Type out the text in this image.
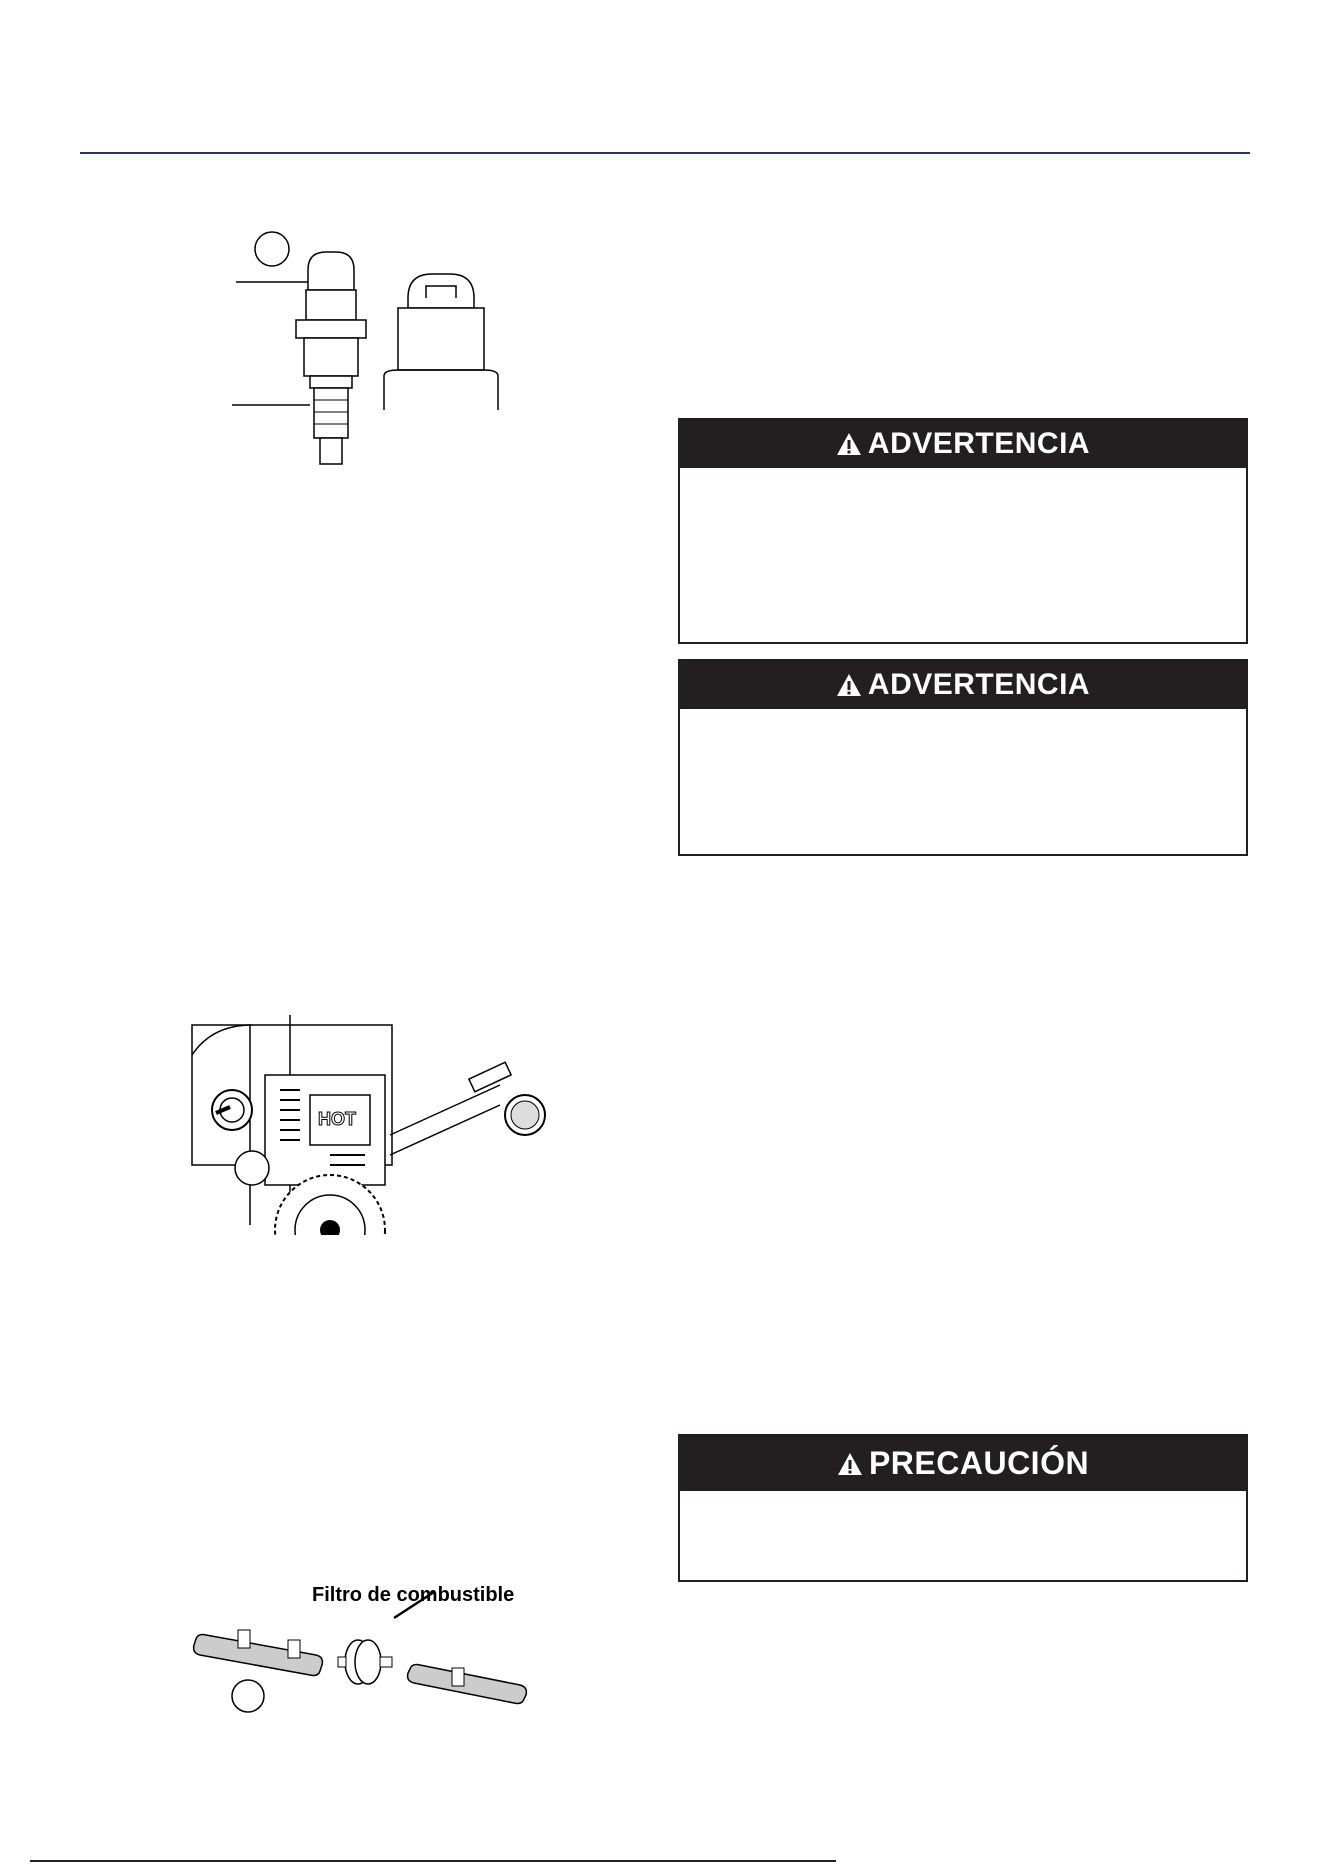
ADVERTENCIA
ADVERTENCIA
HOT
PRECAUCIÓN
Filtro de combustible
